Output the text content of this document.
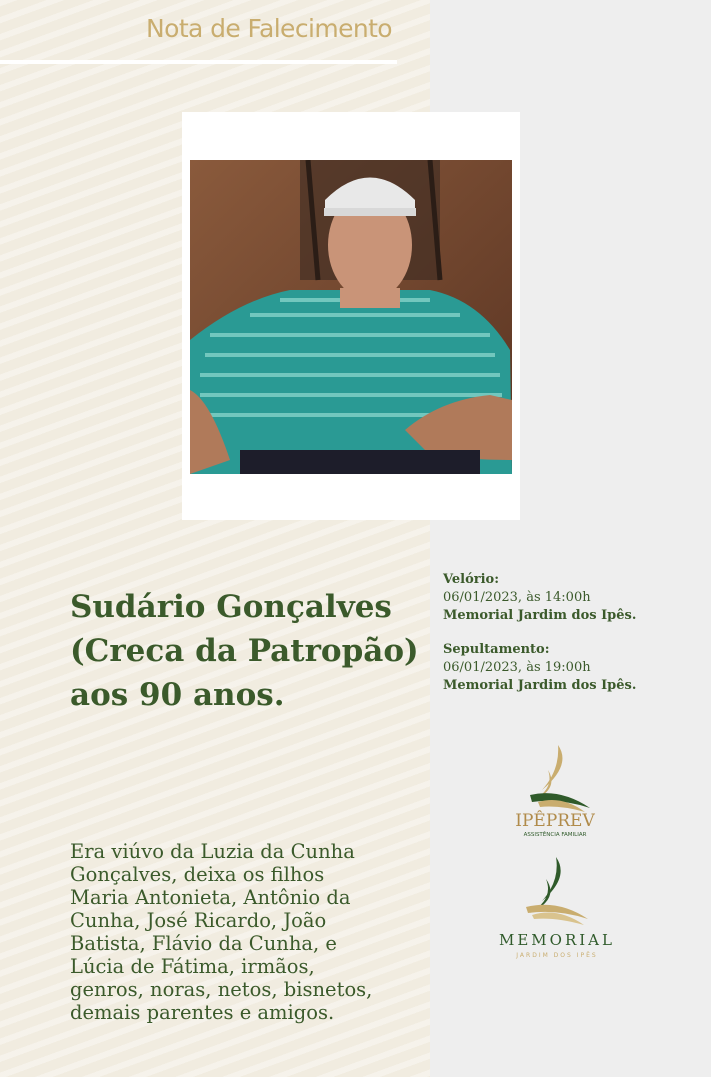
Nota de Falecimento
Sudário Gonçalves
(Creca da Patropão)
aos 90 anos.
Era viúvo da Luzia da Cunha
Gonçalves, deixa os filhos
Maria Antonieta, Antônio da
Cunha, José Ricardo, João
Batista, Flávio da Cunha, e
Lúcia de Fátima, irmãos,
genros, noras, netos, bisnetos,
demais parentes e amigos.
Velório:
06/01/2023, às 14:00h
Memorial Jardim dos Ipês.
Sepultamento:
06/01/2023, às 19:00h
Memorial Jardim dos Ipês.
IPÊPREV
ASSISTÊNCIA FAMILIAR
MEMORIAL
JARDIM DOS IPÊS
